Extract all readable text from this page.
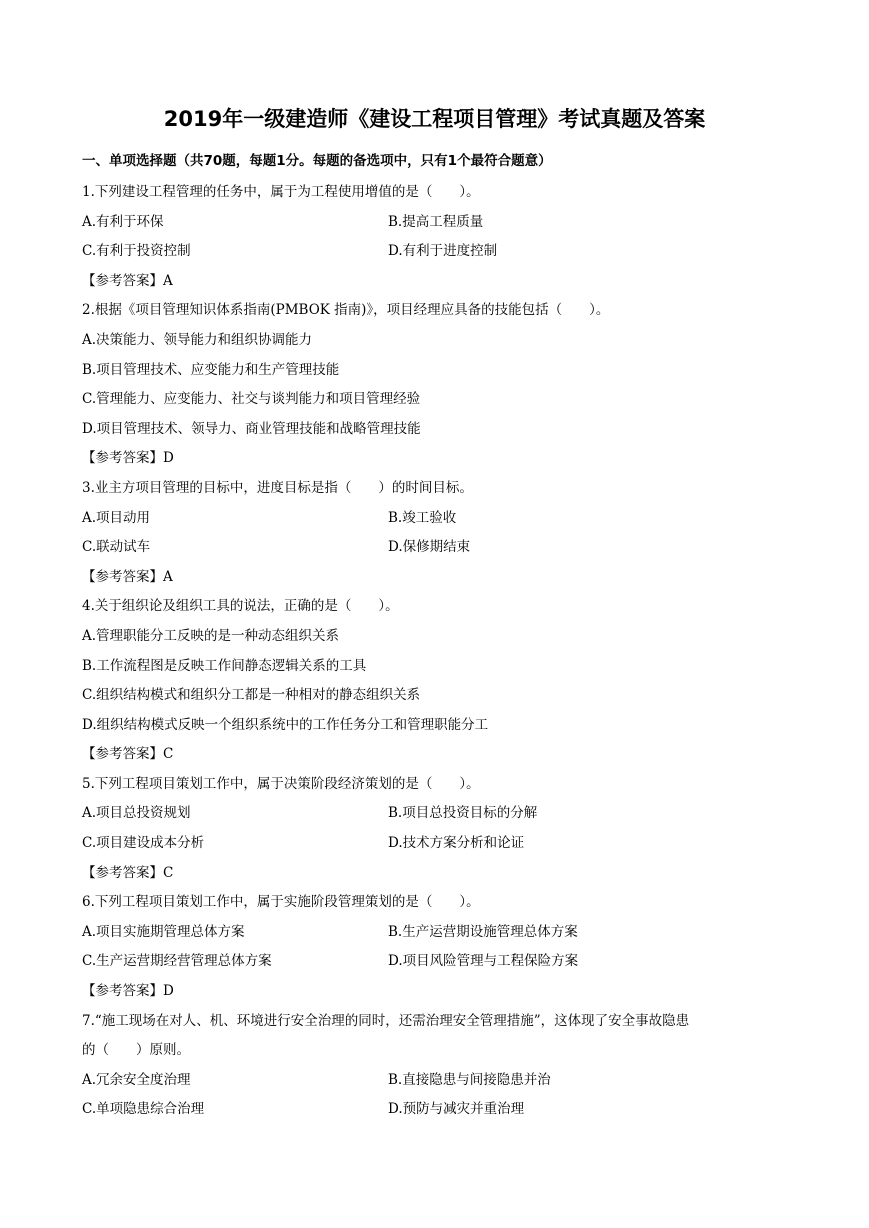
2019年一级建造师《建设工程项目管理》考试真题及答案
一、单项选择题（共70题，每题1分。每题的备选项中，只有1个最符合题意）
1.下列建设工程管理的任务中，属于为工程使用增值的是（　　）。
A.有利于环保	B.提高工程质量
C.有利于投资控制	D.有利于进度控制
【参考答案】A
2.根据《项目管理知识体系指南(PMBOK 指南)》，项目经理应具备的技能包括（　　）。
A.决策能力、领导能力和组织协调能力
B.项目管理技术、应变能力和生产管理技能
C.管理能力、应变能力、社交与谈判能力和项目管理经验
D.项目管理技术、领导力、商业管理技能和战略管理技能
【参考答案】D
3.业主方项目管理的目标中，进度目标是指（　　）的时间目标。
A.项目动用	B.竣工验收
C.联动试车	D.保修期结束
【参考答案】A
4.关于组织论及组织工具的说法，正确的是（　　）。
A.管理职能分工反映的是一种动态组织关系
B.工作流程图是反映工作间静态逻辑关系的工具
C.组织结构模式和组织分工都是一种相对的静态组织关系
D.组织结构模式反映一个组织系统中的工作任务分工和管理职能分工
【参考答案】C
5.下列工程项目策划工作中，属于决策阶段经济策划的是（　　）。
A.项目总投资规划	B.项目总投资目标的分解
C.项目建设成本分析	D.技术方案分析和论证
【参考答案】C
6.下列工程项目策划工作中，属于实施阶段管理策划的是（　　）。
A.项目实施期管理总体方案	B.生产运营期设施管理总体方案
C.生产运营期经营管理总体方案	D.项目风险管理与工程保险方案
【参考答案】D
7.“施工现场在对人、机、环境进行安全治理的同时，还需治理安全管理措施”，这体现了安全事故隐患
的（　　）原则。
A.冗余安全度治理	B.直接隐患与间接隐患并治
C.单项隐患综合治理	D.预防与减灾并重治理
